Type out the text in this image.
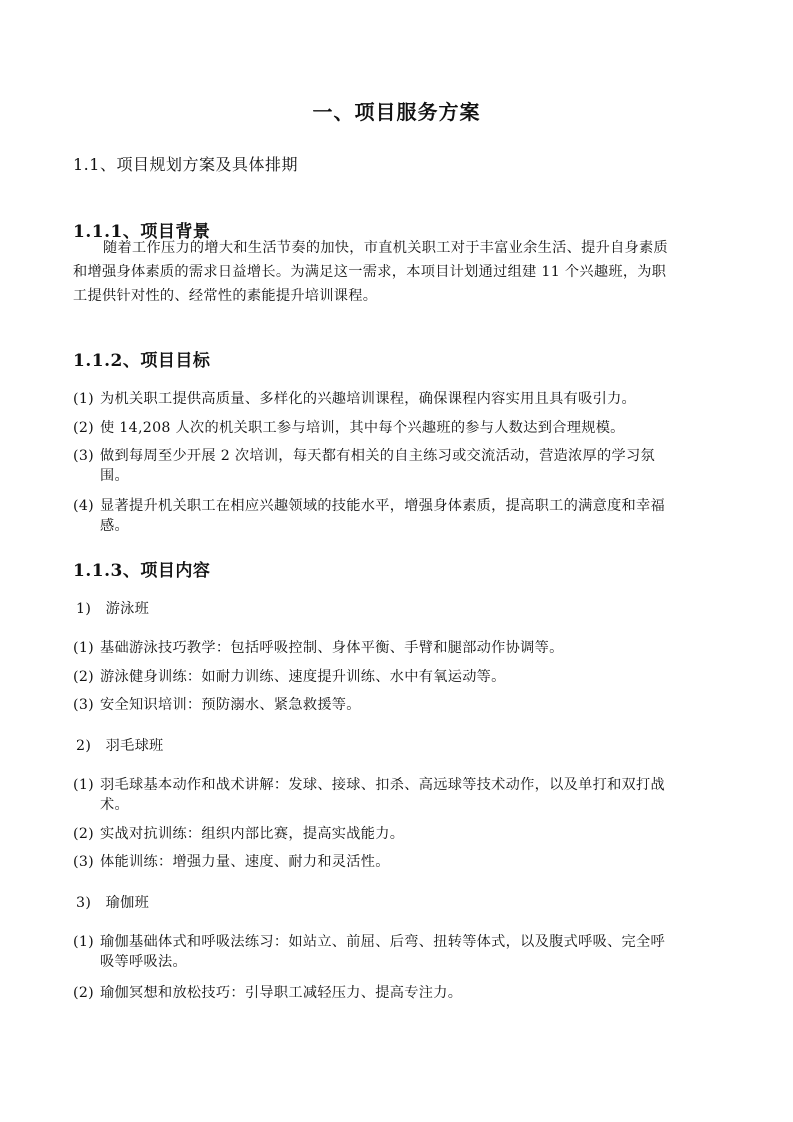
一、项目服务方案
1.1、项目规划方案及具体排期
1.1.1、项目背景
随着工作压力的增大和生活节奏的加快，市直机关职工对于丰富业余生活、提升自身素质
和增强身体素质的需求日益增长。为满足这一需求，本项目计划通过组建 11 个兴趣班，为职
工提供针对性的、经常性的素能提升培训课程。
1.1.2、项目目标
(1) 为机关职工提供高质量、多样化的兴趣培训课程，确保课程内容实用且具有吸引力。
(2) 使 14,208 人次的机关职工参与培训，其中每个兴趣班的参与人数达到合理规模。
(3) 做到每周至少开展 2 次培训，每天都有相关的自主练习或交流活动，营造浓厚的学习氛
围。
(4) 显著提升机关职工在相应兴趣领域的技能水平，增强身体素质，提高职工的满意度和幸福
感。
1.1.3、项目内容
1)   游泳班
(1) 基础游泳技巧教学：包括呼吸控制、身体平衡、手臂和腿部动作协调等。
(2) 游泳健身训练：如耐力训练、速度提升训练、水中有氧运动等。
(3) 安全知识培训：预防溺水、紧急救援等。
2)   羽毛球班
(1) 羽毛球基本动作和战术讲解：发球、接球、扣杀、高远球等技术动作，以及单打和双打战
术。
(2) 实战对抗训练：组织内部比赛，提高实战能力。
(3) 体能训练：增强力量、速度、耐力和灵活性。
3)   瑜伽班
(1) 瑜伽基础体式和呼吸法练习：如站立、前屈、后弯、扭转等体式，以及腹式呼吸、完全呼
吸等呼吸法。
(2) 瑜伽冥想和放松技巧：引导职工减轻压力、提高专注力。
